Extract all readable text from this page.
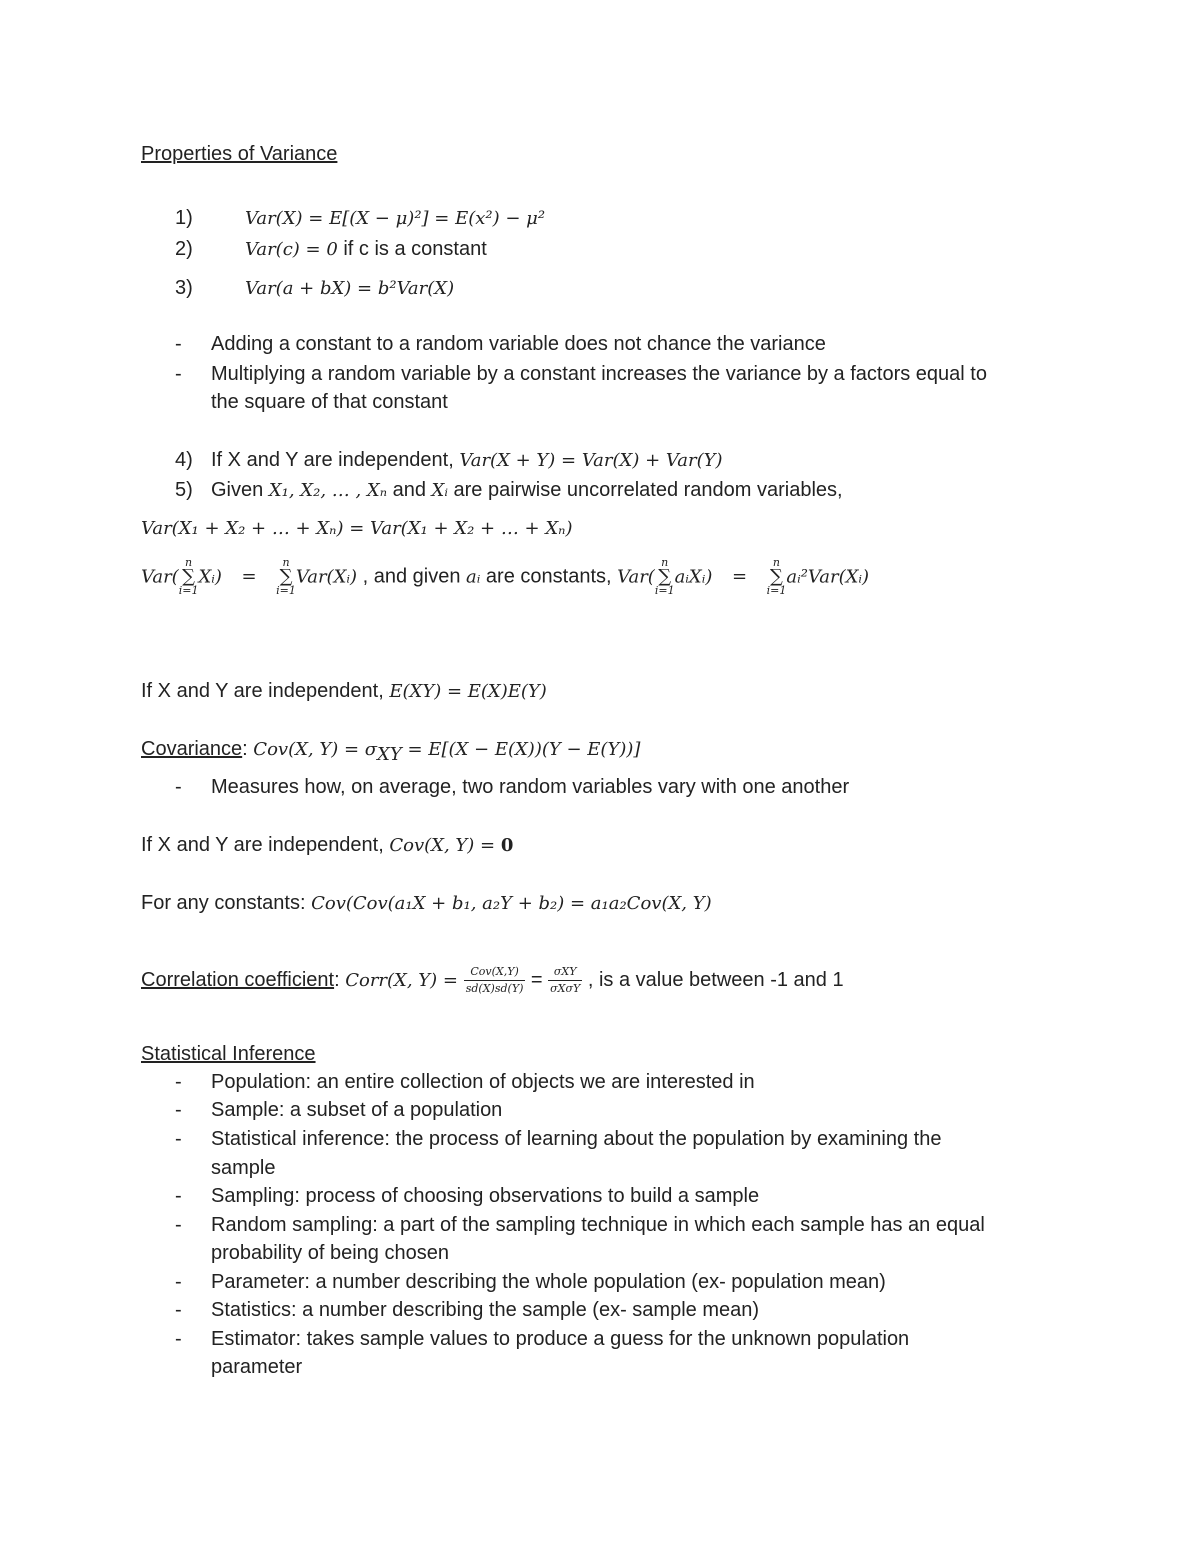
Properties of Variance
1)	Var(X) = E[(X − μ)²] = E(x²) − μ²
2)	Var(c) = 0 if c is a constant
3)	Var(a + bX) = b²Var(X)
- Adding a constant to a random variable does not chance the variance
- Multiplying a random variable by a constant increases the variance by a factors equal to
the square of that constant
4) If X and Y are independent, Var(X + Y) = Var(X) + Var(Y)
5) Given X₁, X₂, … , Xₙ and Xᵢ are pairwise uncorrelated random variables,
Var(X₁ + X₂ + … + Xₙ) = Var(X₁ + X₂ + … + Xₙ)
Var(
n
∑
i=1
Xᵢ) =
n
∑
i=1
Var(Xᵢ) , and given aᵢ are constants, Var(
n
∑
i=1
aᵢXᵢ) =
n
∑
i=1
aᵢ²Var(Xᵢ)
If X and Y are independent, E(XY) = E(X)E(Y)
Covariance: Cov(X, $Y) = \sigma_{XY} = E[(X - E(X))(Y - E(Y))]$
- Measures how, on average, two random variables vary with one another
If X and Y are independent, Cov(X, Y) = 0
For any constants: Cov(Cov(a₁X + b₁, a₂Y + b₂) = a₁a₂Cov(X, Y)
Correlation coefficient: Corr(X, $Y) = \frac{\text{Cov(X,Y)}}{sd(X)sd(Y)} = \frac{\text{σXY}}{\text{σXσY}}$ , is a value between -1 and 1
Statistical Inference
- Population: an entire collection of objects we are interested in
- Sample: a subset of a population
- Statistical inference: the process of learning about the population by examining the
sample
- Sampling: process of choosing observations to build a sample
- Random sampling: a part of the sampling technique in which each sample has an equal
probability of being chosen
- Parameter: a number describing the whole population (ex- population mean)
- Statistics: a number describing the sample (ex- sample mean)
- Estimator: takes sample values to produce a guess for the unknown population
parameter
